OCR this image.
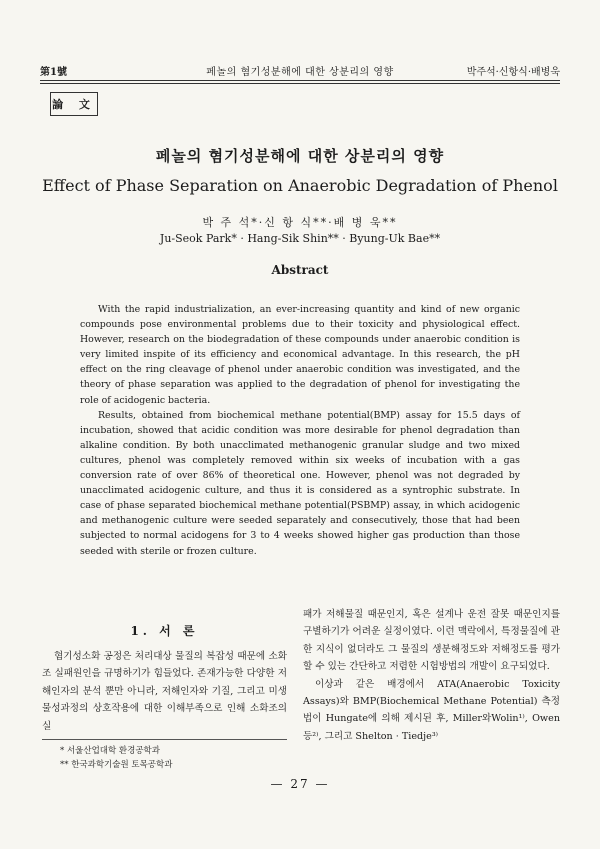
第1號	페놀의 혐기성분해에 대한 상분리의 영향	박주석·신항식·배병욱
論 文
페놀의 혐기성분해에 대한 상분리의 영향
Effect of Phase Separation on Anaerobic Degradation of Phenol
박 주 석*·신 항 식**·배 병 욱**
Ju-Seok Park* · Hang-Sik Shin** · Byung-Uk Bae**
Abstract

With the rapid industrialization, an ever-increasing quantity and kind of new organic compounds pose environmental problems due to their toxicity and physiological effect. However, research on the biodegradation of these compounds under anaerobic condition is very limited inspite of its efficiency and economical advantage. In this research, the pH effect on the ring cleavage of phenol under anaerobic condition was investigated, and the theory of phase separation was applied to the degradation of phenol for investigating the role of acidogenic bacteria.

Results, obtained from biochemical methane potential(BMP) assay for 15.5 days of incubation, showed that acidic condition was more desirable for phenol degradation than alkaline condition. By both unacclimated methanogenic granular sludge and two mixed cultures, phenol was completely removed within six weeks of incubation with a gas conversion rate of over 86% of theoretical one. However, phenol was not degraded by unacclimated acidogenic culture, and thus it is considered as a syntrophic substrate. In case of phase separated biochemical methane potential(PSBMP) assay, in which acidogenic and methanogenic culture were seeded separately and consecutively, those that had been subjected to normal acidogens for 3 to 4 weeks showed higher gas production than those seeded with sterile or frozen culture.

1. 서 론

혐기성소화 공정은 처리대상 물질의 복잡성 때문에 소화조 실패원인을 규명하기가 힘들었다. 존재가능한 다양한 저해인자의 분석 뿐만 아니라, 저해인자와 기질, 그리고 미생물성과정의 상호작용에 대한 이해부족으로 인해 소화조의 실

패가 저해물질 때문인지, 혹은 설계나 운전 잘못 때문인지를 구별하기가 어려운 실정이였다. 이런 맥락에서, 특정물질에 관한 지식이 없더라도 그 물질의 생분해정도와 저해정도를 평가할 수 있는 간단하고 저렴한 시험방법의 개발이 요구되었다.

이상과 같은 배경에서 ATA(Anaerobic Toxicity Assays)와 BMP(Biochemical Methane Potential) 측정법이 Hungate에 의해 제시된 후, Miller와Wolin¹⁾, Owen 등²⁾, 그리고 Shelton · Tiedje³⁾

* 서울산업대학 환경공학과
** 한국과학기술원 토목공학과
— 27 —
